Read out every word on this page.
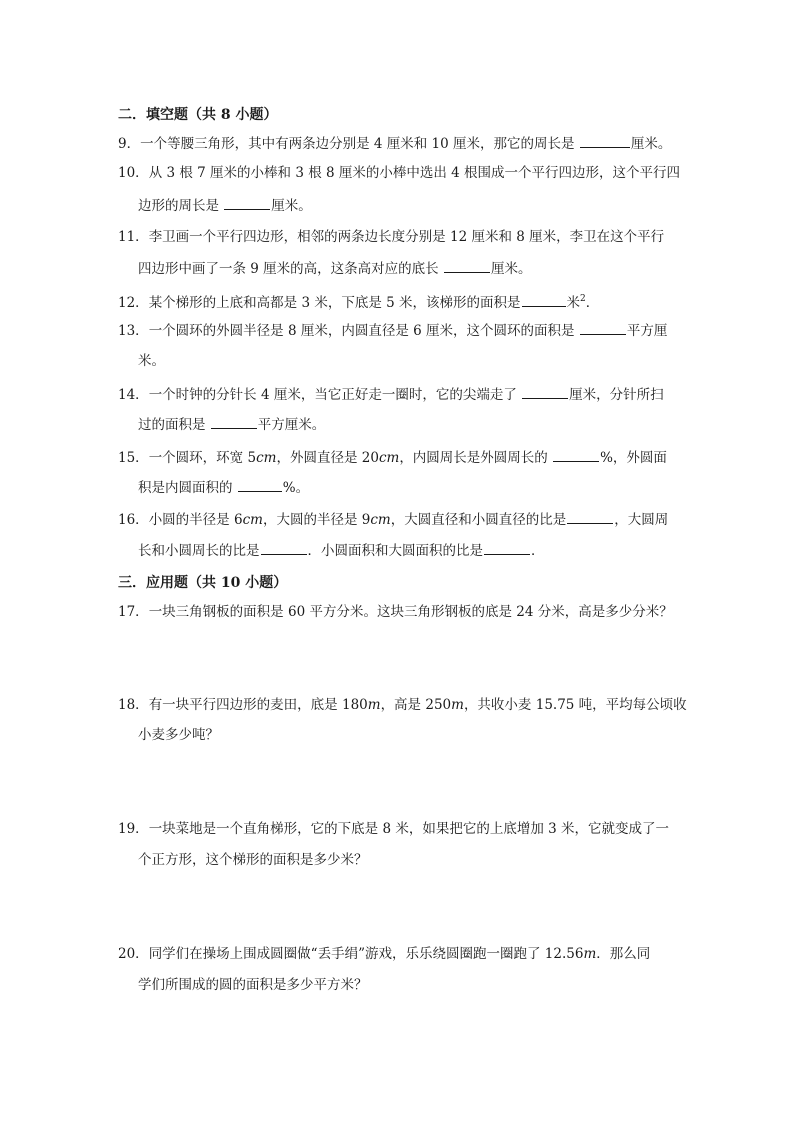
二．填空题（共 8 小题）
9．一个等腰三角形，其中有两条边分别是 4 厘米和 10 厘米，那它的周长是	厘米。
10．从 3 根 7 厘米的小棒和 3 根 8 厘米的小棒中选出 4 根围成一个平行四边形，这个平行四
边形的周长是	厘米。
11．李卫画一个平行四边形，相邻的两条边长度分别是 12 厘米和 8 厘米，李卫在这个平行
四边形中画了一条 9 厘米的高，这条高对应的底长	厘米。
12．某个梯形的上底和高都是 3 米，下底是 5 米，该梯形的面积是	米$^2$．
13．一个圆环的外圆半径是 8 厘米，内圆直径是 6 厘米，这个圆环的面积是	平方厘
米。
14．一个时钟的分针长 4 厘米，当它正好走一圈时，它的尖端走了	厘米，分针所扫
过的面积是	平方厘米。
15．一个圆环，环宽 5cm，外圆直径是 20cm，内圆周长是外圆周长的	%，外圆面
积是内圆面积的	%。
16．小圆的半径是 6cm，大圆的半径是 9cm，大圆直径和小圆直径的比是	，大圆周
长和小圆周长的比是	．小圆面积和大圆面积的比是	．
三．应用题（共 10 小题）
17．一块三角钢板的面积是 60 平方分米。这块三角形钢板的底是 24 分米，高是多少分米？
18．有一块平行四边形的麦田，底是 180m，高是 250m，共收小麦 15.75 吨，平均每公顷收
小麦多少吨？
19．一块菜地是一个直角梯形，它的下底是 8 米，如果把它的上底增加 3 米，它就变成了一
个正方形，这个梯形的面积是多少米？
20．同学们在操场上围成圆圈做“丢手绢”游戏，乐乐绕圆圈跑一圈跑了 12.56m．那么同
学们所围成的圆的面积是多少平方米？
